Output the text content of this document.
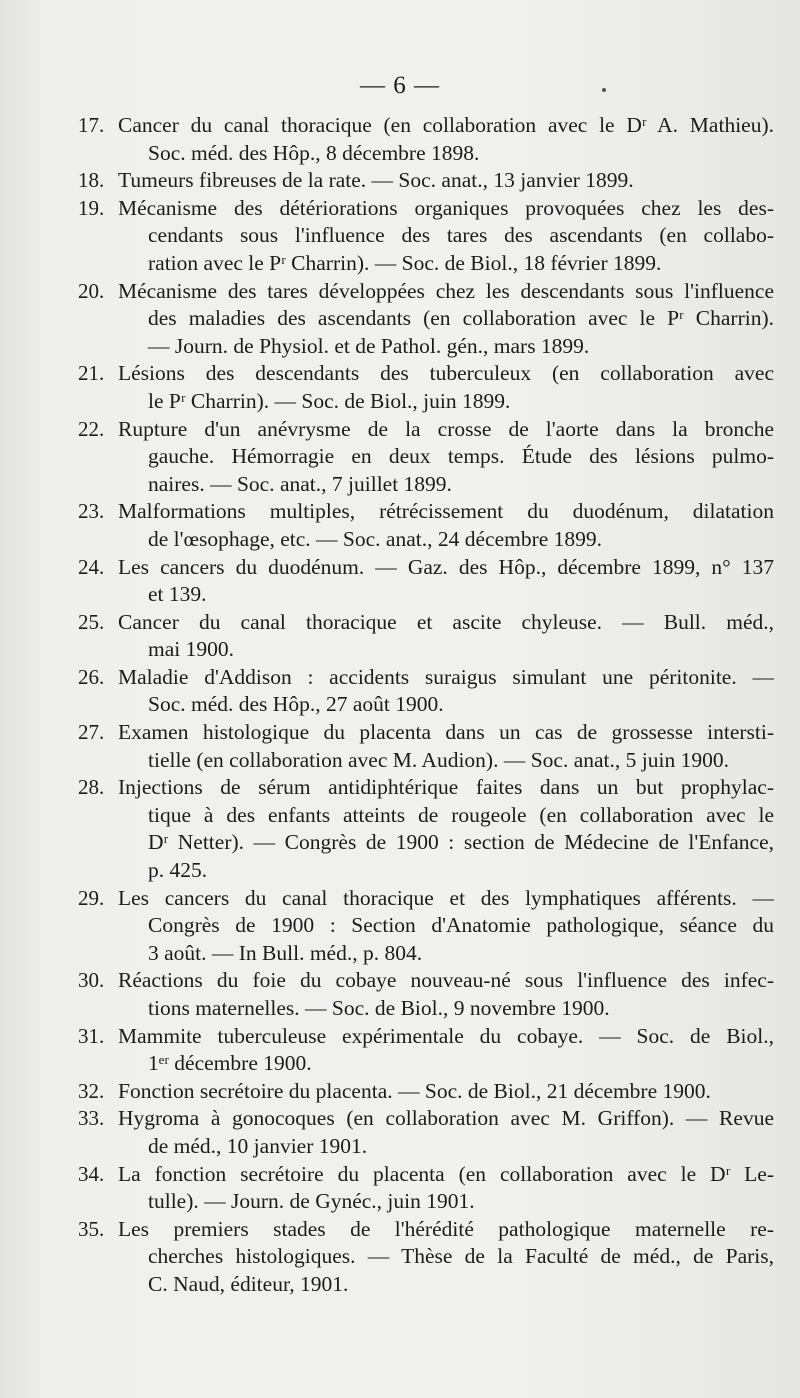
— 6 —
17. Cancer du canal thoracique (en collaboration avec le Dʳ A. Mathieu).
Soc. méd. des Hôp., 8 décembre 1898.
18. Tumeurs fibreuses de la rate. — Soc. anat., 13 janvier 1899.
19. Mécanisme des détériorations organiques provoquées chez les des-
cendants sous l'influence des tares des ascendants (en collabo-
ration avec le Pʳ Charrin). — Soc. de Biol., 18 février 1899.
20. Mécanisme des tares développées chez les descendants sous l'influence
des maladies des ascendants (en collaboration avec le Pʳ Charrin).
— Journ. de Physiol. et de Pathol. gén., mars 1899.
21. Lésions des descendants des tuberculeux (en collaboration avec
le Pʳ Charrin). — Soc. de Biol., juin 1899.
22. Rupture d'un anévrysme de la crosse de l'aorte dans la bronche
gauche. Hémorragie en deux temps. Étude des lésions pulmo-
naires. — Soc. anat., 7 juillet 1899.
23. Malformations multiples, rétrécissement du duodénum, dilatation
de l'œsophage, etc. — Soc. anat., 24 décembre 1899.
24. Les cancers du duodénum. — Gaz. des Hôp., décembre 1899, n° 137
et 139.
25. Cancer du canal thoracique et ascite chyleuse. — Bull. méd.,
mai 1900.
26. Maladie d'Addison : accidents suraigus simulant une péritonite. —
Soc. méd. des Hôp., 27 août 1900.
27. Examen histologique du placenta dans un cas de grossesse intersti-
tielle (en collaboration avec M. Audion). — Soc. anat., 5 juin 1900.
28. Injections de sérum antidiphtérique faites dans un but prophylac-
tique à des enfants atteints de rougeole (en collaboration avec le
Dʳ Netter). — Congrès de 1900 : section de Médecine de l'Enfance,
p. 425.
29. Les cancers du canal thoracique et des lymphatiques afférents. —
Congrès de 1900 : Section d'Anatomie pathologique, séance du
3 août. — In Bull. méd., p. 804.
30. Réactions du foie du cobaye nouveau-né sous l'influence des infec-
tions maternelles. — Soc. de Biol., 9 novembre 1900.
31. Mammite tuberculeuse expérimentale du cobaye. — Soc. de Biol.,
1ᵉʳ décembre 1900.
32. Fonction secrétoire du placenta. — Soc. de Biol., 21 décembre 1900.
33. Hygroma à gonocoques (en collaboration avec M. Griffon). — Revue
de méd., 10 janvier 1901.
34. La fonction secrétoire du placenta (en collaboration avec le Dʳ Le-
tulle). — Journ. de Gynéc., juin 1901.
35. Les premiers stades de l'hérédité pathologique maternelle re-
cherches histologiques. — Thèse de la Faculté de méd., de Paris,
C. Naud, éditeur, 1901.
